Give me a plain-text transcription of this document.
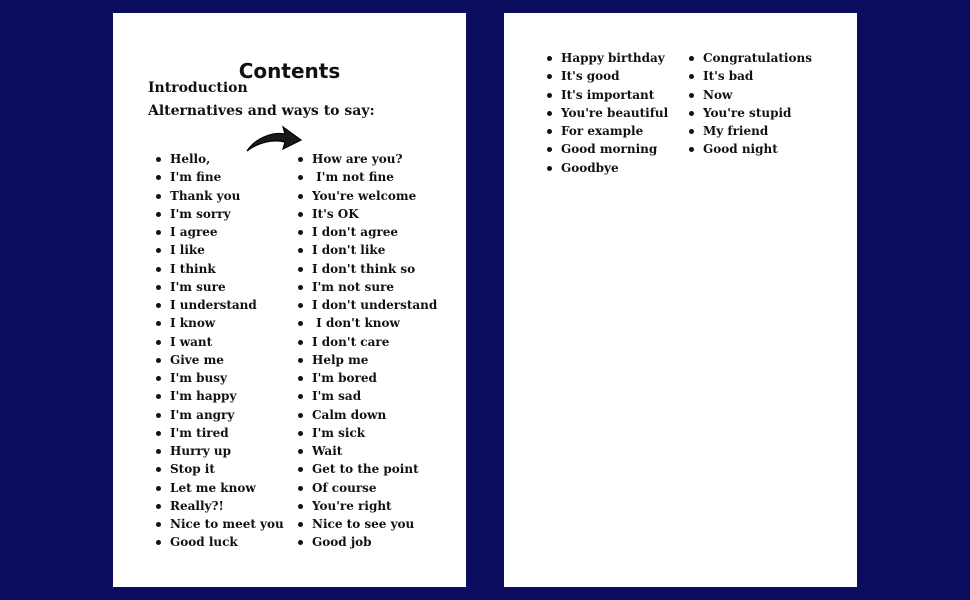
Contents
Introduction
Alternatives and ways to say:
Hello,
I'm fine
Thank you
I'm sorry
I agree
I like
I think
I'm sure
I understand
I know
I want
Give me
I'm busy
I'm happy
I'm angry
I'm tired
Hurry up
Stop it
Let me know
Really?!
Nice to meet you
Good luck
How are you?
I'm not fine
You're welcome
It's OK
I don't agree
I don't like
I don't think so
I'm not sure
I don't understand
I don't know
I don't care
Help me
I'm bored
I'm sad
Calm down
I'm sick
Wait
Get to the point
Of course
You're right
Nice to see you
Good job
Happy birthday
It's good
It's important
You're beautiful
For example
Good morning
Goodbye
Congratulations
It's bad
Now
You're stupid
My friend
Good night
